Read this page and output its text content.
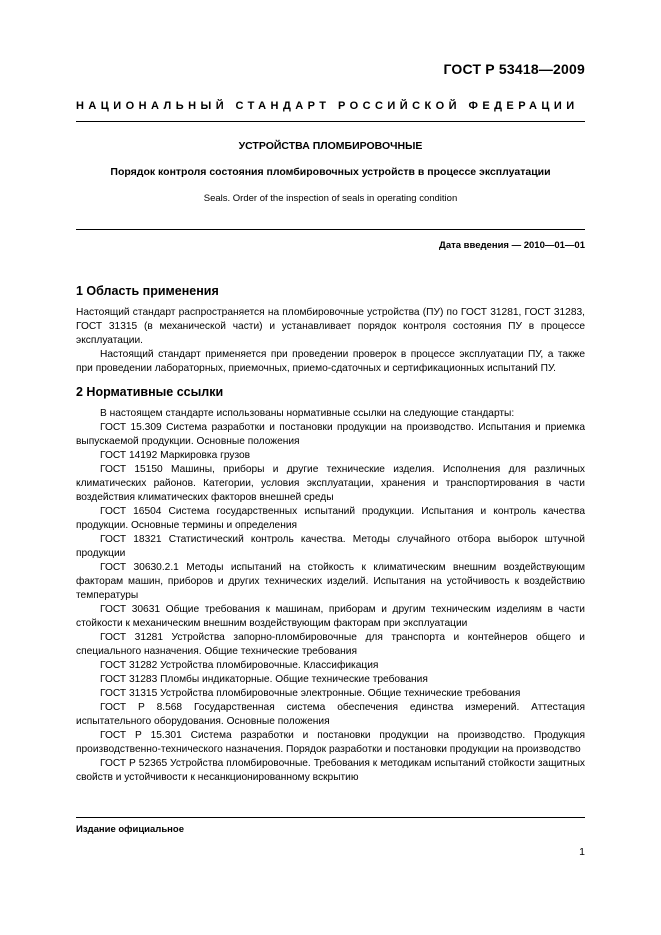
ГОСТ Р 53418—2009
НАЦИОНАЛЬНЫЙ СТАНДАРТ РОССИЙСКОЙ ФЕДЕРАЦИИ
УСТРОЙСТВА ПЛОМБИРОВОЧНЫЕ
Порядок контроля состояния пломбировочных устройств в процессе эксплуатации
Seals. Order of the inspection of seals in operating condition
Дата введения — 2010—01—01
1 Область применения

Настоящий стандарт распространяется на пломбировочные устройства (ПУ) по ГОСТ 31281, ГОСТ 31283, ГОСТ 31315 (в механической части) и устанавливает порядок контроля состояния ПУ в процессе эксплуатации.

Настоящий стандарт применяется при проведении проверок в процессе эксплуатации ПУ, а также при проведении лабораторных, приемочных, приемо-сдаточных и сертификационных испытаний ПУ.

2 Нормативные ссылки

В настоящем стандарте использованы нормативные ссылки на следующие стандарты:

ГОСТ 15.309 Система разработки и постановки продукции на производство. Испытания и приемка выпускаемой продукции. Основные положения

ГОСТ 14192 Маркировка грузов

ГОСТ 15150 Машины, приборы и другие технические изделия. Исполнения для различных климатических районов. Категории, условия эксплуатации, хранения и транспортирования в части воздействия климатических факторов внешней среды

ГОСТ 16504 Система государственных испытаний продукции. Испытания и контроль качества продукции. Основные термины и определения

ГОСТ 18321 Статистический контроль качества. Методы случайного отбора выборок штучной продукции

ГОСТ 30630.2.1 Методы испытаний на стойкость к климатическим внешним воздействующим факторам машин, приборов и других технических изделий. Испытания на устойчивость к воздействию температуры

ГОСТ 30631 Общие требования к машинам, приборам и другим техническим изделиям в части стойкости к механическим внешним воздействующим факторам при эксплуатации

ГОСТ 31281 Устройства запорно-пломбировочные для транспорта и контейнеров общего и специального назначения. Общие технические требования

ГОСТ 31282 Устройства пломбировочные. Классификация

ГОСТ 31283 Пломбы индикаторные. Общие технические требования

ГОСТ 31315 Устройства пломбировочные электронные. Общие технические требования

ГОСТ Р 8.568 Государственная система обеспечения единства измерений. Аттестация испытательного оборудования. Основные положения

ГОСТ Р 15.301 Система разработки и постановки продукции на производство. Продукция производственно-технического назначения. Порядок разработки и постановки продукции на производство

ГОСТ Р 52365 Устройства пломбировочные. Требования к методикам испытаний стойкости защитных свойств и устойчивости к несанкционированному вскрытию

Издание официальное
1
